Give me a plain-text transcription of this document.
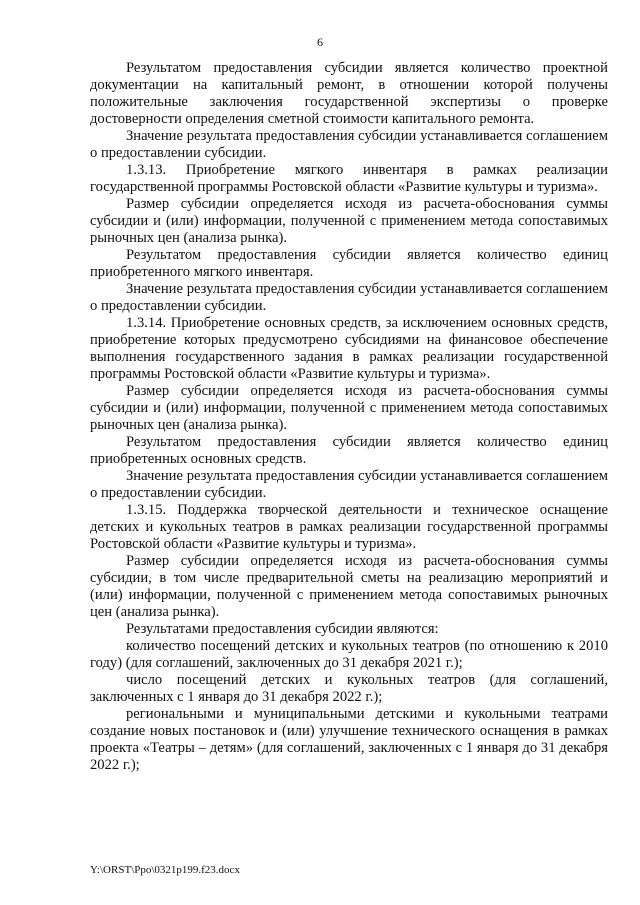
6

Результатом предоставления субсидии является количество проектной документации на капитальный ремонт, в отношении которой получены положительные заключения государственной экспертизы о проверке достоверности определения сметной стоимости капитального ремонта.

Значение результата предоставления субсидии устанавливается соглашением о предоставлении субсидии.

1.3.13. Приобретение мягкого инвентаря в рамках реализации государственной программы Ростовской области «Развитие культуры и туризма».

Размер субсидии определяется исходя из расчета-обоснования суммы субсидии и (или) информации, полученной с применением метода сопоставимых рыночных цен (анализа рынка).

Результатом предоставления субсидии является количество единиц приобретенного мягкого инвентаря.

Значение результата предоставления субсидии устанавливается соглашением о предоставлении субсидии.

1.3.14. Приобретение основных средств, за исключением основных средств, приобретение которых предусмотрено субсидиями на финансовое обеспечение выполнения государственного задания в рамках реализации государственной программы Ростовской области «Развитие культуры и туризма».

Размер субсидии определяется исходя из расчета-обоснования суммы субсидии и (или) информации, полученной с применением метода сопоставимых рыночных цен (анализа рынка).

Результатом предоставления субсидии является количество единиц приобретенных основных средств.

Значение результата предоставления субсидии устанавливается соглашением о предоставлении субсидии.

1.3.15. Поддержка творческой деятельности и техническое оснащение детских и кукольных театров в рамках реализации государственной программы Ростовской области «Развитие культуры и туризма».

Размер субсидии определяется исходя из расчета-обоснования суммы субсидии, в том числе предварительной сметы на реализацию мероприятий и (или) информации, полученной с применением метода сопоставимых рыночных цен (анализа рынка).

Результатами предоставления субсидии являются:

количество посещений детских и кукольных театров (по отношению к 2010 году) (для соглашений, заключенных до 31 декабря 2021 г.);

число посещений детских и кукольных театров (для соглашений, заключенных с 1 января до 31 декабря 2022 г.);

региональными и муниципальными детскими и кукольными театрами создание новых постановок и (или) улучшение технического оснащения в рамках проекта «Театры – детям» (для соглашений, заключенных с 1 января до 31 декабря 2022 г.);

Y:\ORST\Ppo\0321p199.f23.docx
